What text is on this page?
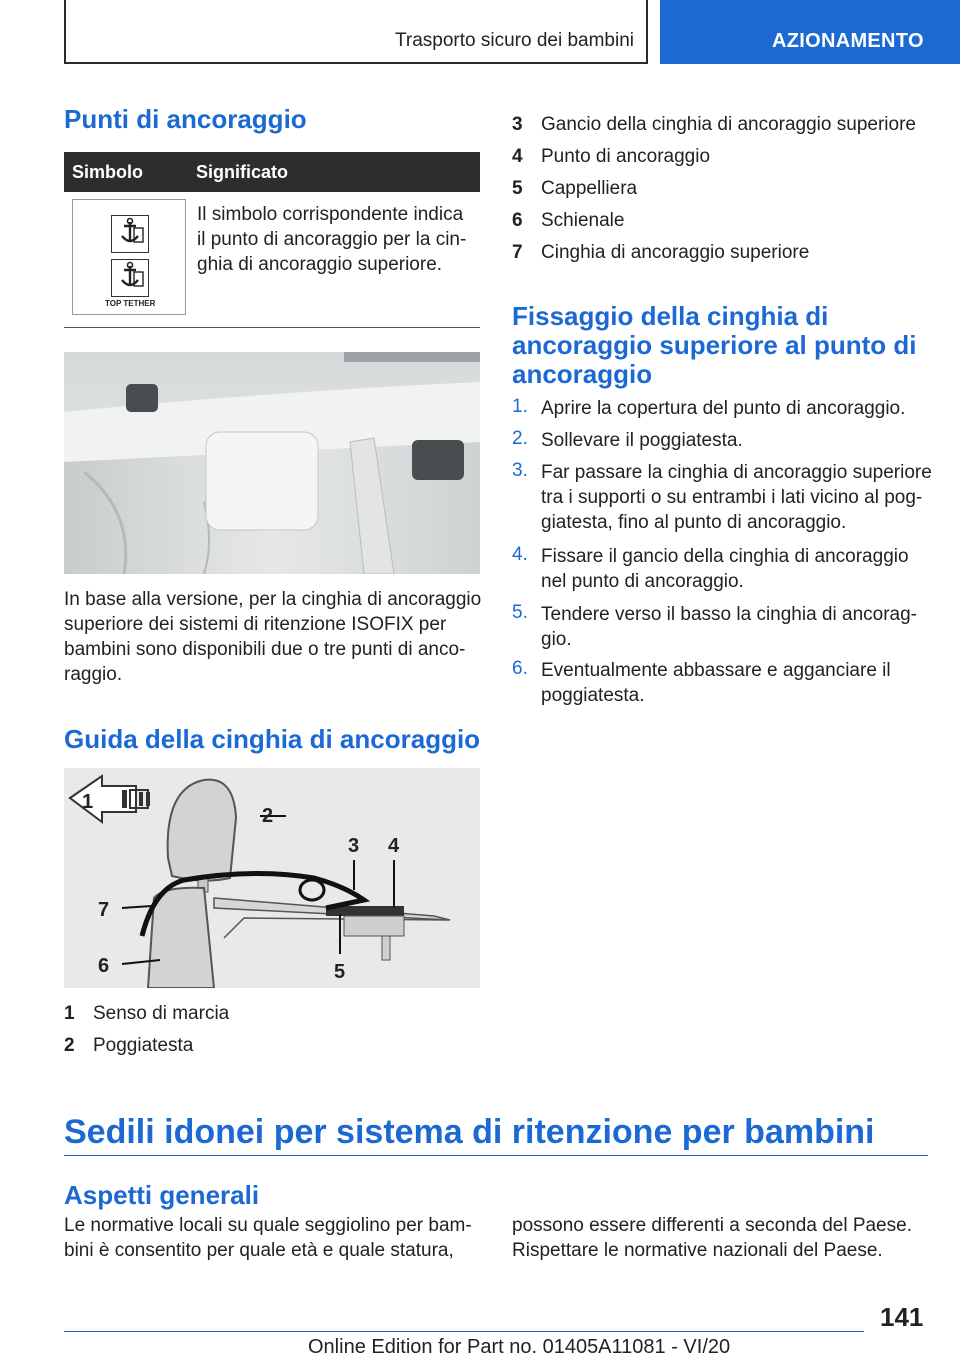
Trasporto sicuro dei bambini	AZIONAMENTO
Punti di ancoraggio
Simbolo	Significato
TOP TETHER
Il simbolo corrispondente indica
il punto di ancoraggio per la cin-
ghia di ancoraggio superiore.
In base alla versione, per la cinghia di ancoraggio
superiore dei sistemi di ritenzione ISOFIX per
bambini sono disponibili due o tre punti di anco-
raggio.
Guida della cinghia di ancoraggio
1
2
3 4
5
6
7
1 Senso di marcia
2 Poggiatesta
3 Gancio della cinghia di ancoraggio superiore
4 Punto di ancoraggio
5 Cappelliera
6 Schienale
7 Cinghia di ancoraggio superiore
Fissaggio della cinghia di
ancoraggio superiore al punto di
ancoraggio
1. Aprire la copertura del punto di ancoraggio.
2. Sollevare il poggiatesta.
3. Far passare la cinghia di ancoraggio superiore
tra i supporti o su entrambi i lati vicino al pog-
giatesta, fino al punto di ancoraggio.
4. Fissare il gancio della cinghia di ancoraggio
nel punto di ancoraggio.
5. Tendere verso il basso la cinghia di ancorag-
gio.
6. Eventualmente abbassare e agganciare il
poggiatesta.
Sedili idonei per sistema di ritenzione per bambini
Aspetti generali
Le normative locali su quale seggiolino per bam-
bini è consentito per quale età e quale statura,
possono essere differenti a seconda del Paese.
Rispettare le normative nazionali del Paese.
141
Online Edition for Part no. 01405A11081 - VI/20
